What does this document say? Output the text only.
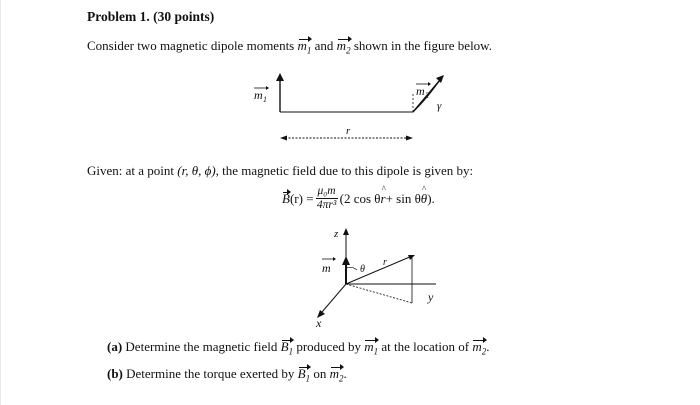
Problem 1. (30 points)
Consider two magnetic dipole moments $m_1$ and $m_2$ shown in the figure below.
m 1
m 2
γ
r
z
y
x
m	θ
r
Given: at a point (r, θ, ϕ), the magnetic field due to this dipole is given by:
B $(r) = \frac{\text{μ₀m}}{\text{4πr³}} (2$ cos θ ^ r + sin θ ^ θ ).
(a) Determine the magnetic field $B_1$ produced by $m_1$ at the location of $m_2$.
(b) Determine the torque exerted by $B_1$ on $m_2$.
